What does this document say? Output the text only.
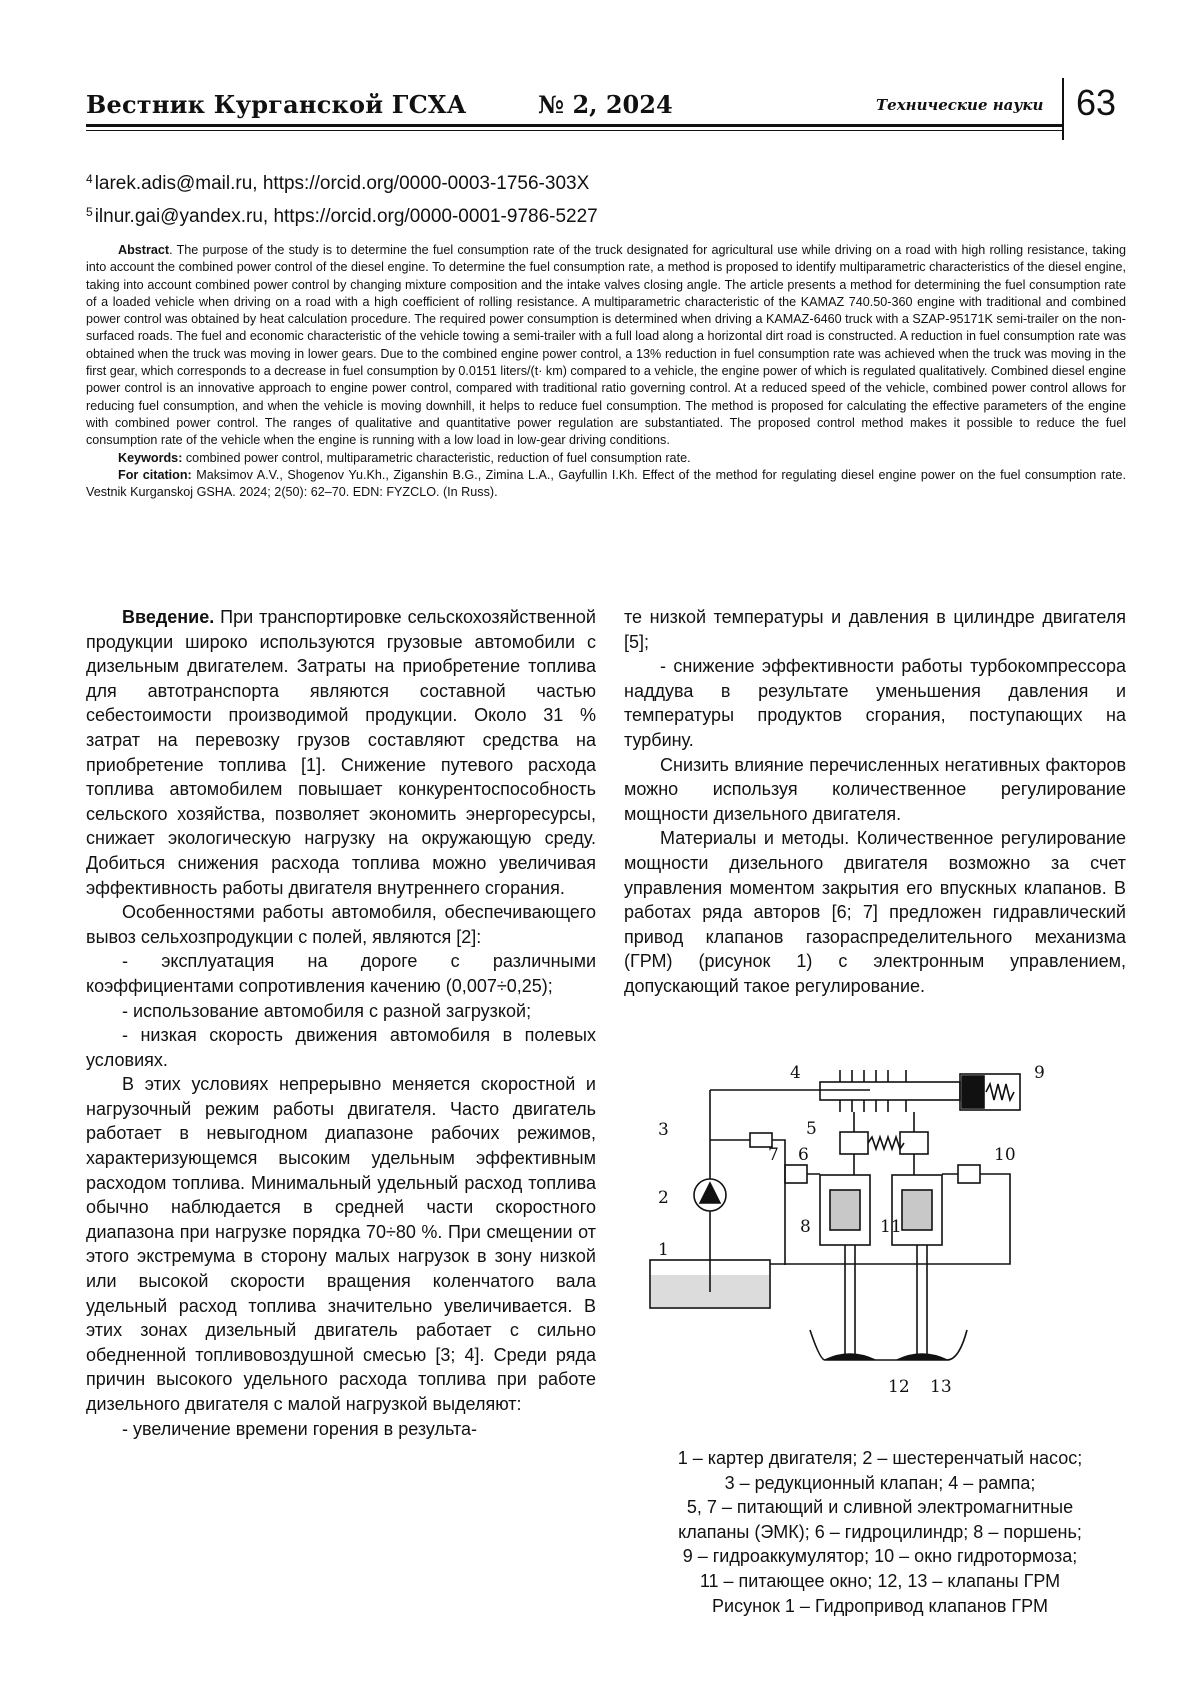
Вестник Курганской ГСХА	№ 2, 2024	Технические науки 63
$^4$ larek.adis@mail.ru, https://orcid.org/0000-0003-1756-303X
$^5$ ilnur.gai@yandex.ru, https://orcid.org/0000-0001-9786-5227

Abstract. The purpose of the study is to determine the fuel consumption rate of the truck designated for agricultural use while driving on a road with high rolling resistance, taking into account the combined power control of the diesel engine. To determine the fuel consumption rate, a method is proposed to identify multiparametric characteristics of the diesel engine, taking into account combined power control by changing mixture composition and the intake valves closing angle. The article presents a method for determining the fuel consumption rate of a loaded vehicle when driving on a road with a high coefficient of rolling resistance. A multiparametric characteristic of the KAMAZ 740.50-360 engine with traditional and combined power control was obtained by heat calculation procedure. The required power consumption is determined when driving a KAMAZ-6460 truck with a SZAP-95171K semi-trailer on the non-surfaced roads. The fuel and economic characteristic of the vehicle towing a semi-trailer with a full load along a horizontal dirt road is constructed. A reduction in fuel consumption rate was obtained when the truck was moving in lower gears. Due to the combined engine power control, a 13% reduction in fuel consumption rate was achieved when the truck was moving in the first gear, which corresponds to a decrease in fuel consumption by 0.0151 liters/(t· km) compared to a vehicle, the engine power of which is regulated qualitatively. Combined diesel engine power control is an innovative approach to engine power control, compared with traditional ratio governing control. At a reduced speed of the vehicle, combined power control allows for reducing fuel consumption, and when the vehicle is moving downhill, it helps to reduce fuel consumption. The method is proposed for calculating the effective parameters of the engine with combined power control. The ranges of qualitative and quantitative power regulation are substantiated. The proposed control method makes it possible to reduce the fuel consumption rate of the vehicle when the engine is running with a low load in low-gear driving conditions.

Keywords: combined power control, multiparametric characteristic, reduction of fuel consumption rate.

For citation: Maksimov A.V., Shogenov Yu.Kh., Ziganshin B.G., Zimina L.A., Gayfullin I.Kh. Effect of the method for regulating diesel engine power on the fuel consumption rate. Vestnik Kurganskoj GSHA. 2024; 2(50): 62–70. EDN: FYZCLO. (In Russ).

Введение. При транспортировке сельскохозяйственной продукции широко используются грузовые автомобили с дизельным двигателем. Затраты на приобретение топлива для автотранспорта являются составной частью себестоимости производимой продукции. Около 31 % затрат на перевозку грузов составляют средства на приобретение топлива [1]. Снижение путевого расхода топлива автомобилем повышает конкурентоспособность сельского хозяйства, позволяет экономить энергоресурсы, снижает экологическую нагрузку на окружающую среду. Добиться снижения расхода топлива можно увеличивая эффективность работы двигателя внутреннего сгорания.

Особенностями работы автомобиля, обеспечивающего вывоз сельхозпродукции с полей, являются [2]:

- эксплуатация на дороге с различными коэффициентами сопротивления качению (0,007÷0,25);

- использование автомобиля с разной загрузкой;

- низкая скорость движения автомобиля в полевых условиях.

В этих условиях непрерывно меняется скоростной и нагрузочный режим работы двигателя. Часто двигатель работает в невыгодном диапазоне рабочих режимов, характеризующемся высоким удельным эффективным расходом топлива. Минимальный удельный расход топлива обычно наблюдается в средней части скоростного диапазона при нагрузке порядка 70÷80 %. При смещении от этого экстремума в сторону малых нагрузок в зону низкой или высокой скорости вращения коленчатого вала удельный расход топлива значительно увеличивается. В этих зонах дизельный двигатель работает с сильно обедненной топливовоздушной смесью [3; 4]. Среди ряда причин высокого удельного расхода топлива при работе дизельного двигателя с малой нагрузкой выделяют:

- увеличение времени горения в результа-

те низкой температуры и давления в цилиндре двигателя [5];

- снижение эффективности работы турбокомпрессора наддува в результате уменьшения давления и температуры продуктов сгорания, поступающих на турбину.

Снизить влияние перечисленных негативных факторов можно используя количественное регулирование мощности дизельного двигателя.

Материалы и методы. Количественное регулирование мощности дизельного двигателя возможно за счет управления моментом закрытия его впускных клапанов. В работах ряда авторов [6; 7] предложен гидравлический привод клапанов газораспределительного механизма (ГРМ) (рисунок 1) с электронным управлением, допускающий такое регулирование.

1
2
3
4
5
6
7
8
9
10
11
12 13
1 – картер двигателя; 2 – шестеренчатый насос;
3 – редукционный клапан; 4 – рампа;
5, 7 – питающий и сливной электромагнитные
клапаны (ЭМК); 6 – гидроцилиндр; 8 – поршень;
9 – гидроаккумулятор; 10 – окно гидротормоза;
11 – питающее окно; 12, 13 – клапаны ГРМ
Рисунок 1 – Гидропривод клапанов ГРМ
